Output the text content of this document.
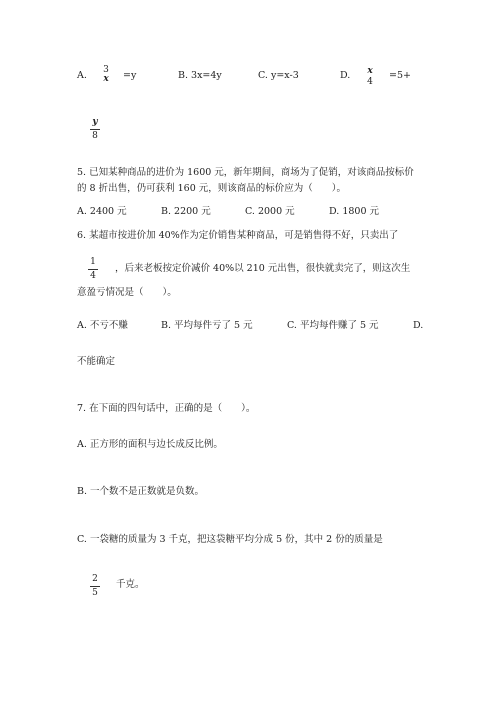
A. 3
x =y	B. 3x=4y	C. y=x-3	D. x
4
=5+
y
8
5. 已知某种商品的进价为 1600 元，新年期间，商场为了促销，对该商品按标价
的 8 折出售，仍可获利 160 元，则该商品的标价应为（　　）。
A. 2400 元	B. 2200 元	C. 2000 元	D. 1800 元
6. 某超市按进价加 40%作为定价销售某种商品，可是销售得不好，只卖出了
1
4
，后来老板按定价减价 40%以 210 元出售，很快就卖完了，则这次生
意盈亏情况是（　　）。
A. 不亏不赚	B. 平均每件亏了 5 元	C. 平均每件赚了 5 元	D.
不能确定
7. 在下面的四句话中，正确的是（　　）。
A. 正方形的面积与边长成反比例。
B. 一个数不是正数就是负数。
C. 一袋糖的质量为 3 千克，把这袋糖平均分成 5 份，其中 2 份的质量是
2
5
千克。
